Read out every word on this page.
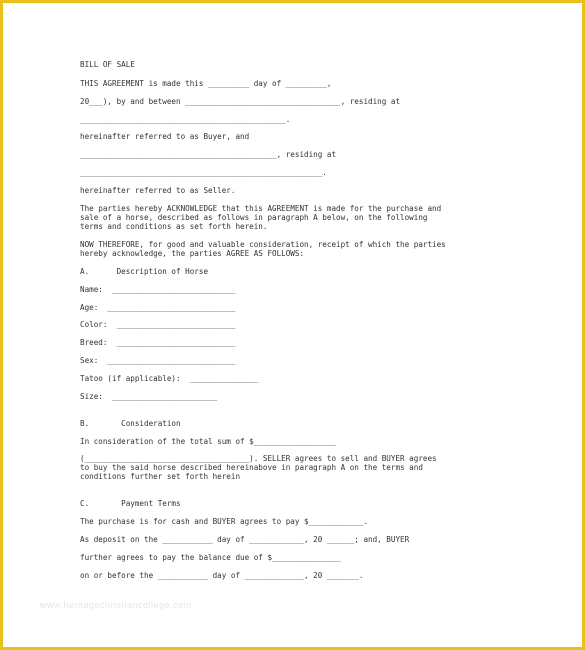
BILL OF SALE
THIS AGREEMENT is made this _________ day of _________,
20___), by and between __________________________________, residing at
_____________________________________________.
hereinafter referred to as Buyer, and
___________________________________________, residing at
_____________________________________________________.
hereinafter referred to as Seller.
The parties hereby ACKNOWLEDGE that this AGREEMENT is made for the purchase and
sale of a horse, described as follows in paragraph A below, on the following
terms and conditions as set forth herein.
NOW THEREFORE, for good and valuable consideration, receipt of which the parties
hereby acknowledge, the parties AGREE AS FOLLOWS:
A.      Description of Horse
Name:  ___________________________
Age:  ____________________________
Color:  __________________________
Breed:  __________________________
Sex:  ____________________________
Tatoo (if applicable):  _______________
Size:  _______________________
B.       Consideration
In consideration of the total sum of $__________________
(____________________________________). SELLER agrees to sell and BUYER agrees
to buy the said horse described hereinabove in paragraph A on the terms and
conditions further set forth herein
C.       Payment Terms
The purchase is for cash and BUYER agrees to pay $____________.
As deposit on the ___________ day of ____________, 20 ______; and, BUYER
further agrees to pay the balance due of $_______________
on or before the ___________ day of _____________, 20 _______.
www.heritagechristiancollege.com
